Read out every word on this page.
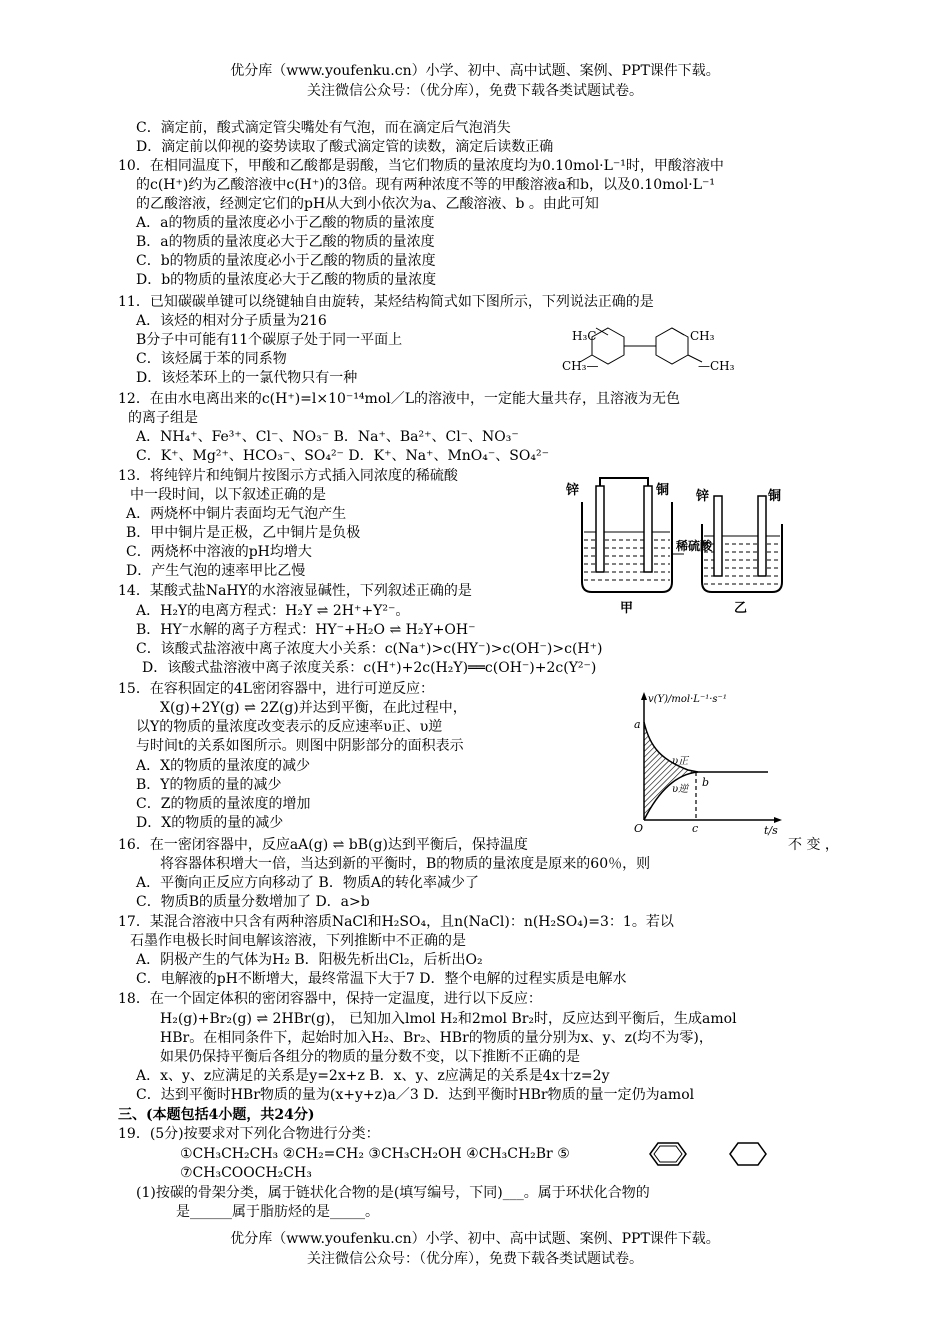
优分库（www.youfenku.cn）小学、初中、高中试题、案例、PPT课件下载。
关注微信公众号：（优分库），免费下载各类试题试卷。
C．滴定前，酸式滴定管尖嘴处有气泡，而在滴定后气泡消失
D．滴定前以仰视的姿势读取了酸式滴定管的读数，滴定后读数正确
10．在相同温度下，甲酸和乙酸都是弱酸，当它们物质的量浓度均为0.10mol·L⁻¹时，甲酸溶液中
的c(H⁺)约为乙酸溶液中c(H⁺)的3倍。现有两种浓度不等的甲酸溶液a和b，以及0.10mol·L⁻¹
的乙酸溶液，经测定它们的pH从大到小依次为a、乙酸溶液、b 。由此可知
A．a的物质的量浓度必小于乙酸的物质的量浓度
B．a的物质的量浓度必大于乙酸的物质的量浓度
C．b的物质的量浓度必小于乙酸的物质的量浓度
D．b的物质的量浓度必大于乙酸的物质的量浓度
11．已知碳碳单键可以绕键轴自由旋转，某烃结构简式如下图所示，下列说法正确的是
A．该烃的相对分子质量为216
B分子中可能有11个碳原子处于同一平面上
C．该烃属于苯的同系物
D．该烃苯环上的一氯代物只有一种
H₃C	CH₃
CH₃—	—CH₃
12．在由水电离出来的c(H⁺)=l×10⁻¹⁴mol／L的溶液中，一定能大量共存，且溶液为无色
的离子组是
A．NH₄⁺、Fe³⁺、Cl⁻、NO₃⁻ B．Na⁺、Ba²⁺、Cl⁻、NO₃⁻
C．K⁺、Mg²⁺、HCO₃⁻、SO₄²⁻ D．K⁺、Na⁺、MnO₄⁻、SO₄²⁻
13．将纯锌片和纯铜片按图示方式插入同浓度的稀硫酸
中一段时间，以下叙述正确的是
A．两烧杯中铜片表面均无气泡产生
B．甲中铜片是正极，乙中铜片是负极
C．两烧杯中溶液的pH均增大
D．产生气泡的速率甲比乙慢
锌	铜 锌	铜
稀硫酸
甲	乙
14．某酸式盐NaHY的水溶液显碱性，下列叙述正确的是
A．H₂Y的电离方程式：H₂Y ⇌ 2H⁺+Y²⁻。
B．HY⁻水解的离子方程式：HY⁻+H₂O ⇌ H₂Y+OH⁻
C．该酸式盐溶液中离子浓度大小关系：c(Na⁺)>c(HY⁻)>c(OH⁻)>c(H⁺)
D．该酸式盐溶液中离子浓度关系：c(H⁺)+2c(H₂Y)══c(OH⁻)+2c(Y²⁻)
15．在容积固定的4L密闭容器中，进行可逆反应：
X(g)+2Y(g) ⇌ 2Z(g)并达到平衡，在此过程中，
以Y的物质的量浓度改变表示的反应速率υ正、υ逆
与时间t的关系如图所示。则图中阴影部分的面积表示
A．X的物质的量浓度的减少
B．Y的物质的量的减少
C．Z的物质的量浓度的增加
D．X的物质的量的减少
v(Y)/mol·L⁻¹·s⁻¹
a
b
c
O	t/s
υ正
υ逆
16．在一密闭容器中，反应aA(g) ⇌ bB(g)达到平衡后，保持温度	不 变 ，
将容器体积增大一倍，当达到新的平衡时，B的物质的量浓度是原来的60％，则
A．平衡向正反应方向移动了 B．物质A的转化率减少了
C．物质B的质量分数增加了 D．a>b
17．某混合溶液中只含有两种溶质NaCl和H₂SO₄，且n(NaCl)：n(H₂SO₄)=3：1。若以
石墨作电极长时间电解该溶液，下列推断中不正确的是
A．阴极产生的气体为H₂ B．阳极先析出Cl₂，后析出O₂
C．电解液的pH不断增大，最终常温下大于7 D．整个电解的过程实质是电解水
18．在一个固定体积的密闭容器中，保持一定温度，进行以下反应：
H₂(g)+Br₂(g) ⇌ 2HBr(g)， 已知加入lmol H₂和2mol Br₂时，反应达到平衡后，生成amol
HBr。在相同条件下，起始时加入H₂、Br₂、HBr的物质的量分别为x、y、z(均不为零)，
如果仍保持平衡后各组分的物质的量分数不变，以下推断不正确的是
A．x、y、z应满足的关系是y=2x+z B．x、y、z应满足的关系是4x十z=2y
C．达到平衡时HBr物质的量为(x+y+z)a／3 D．达到平衡时HBr物质的量一定仍为amol
三、(本题包括4小题，共24分)
19．(5分)按要求对下列化合物进行分类：
①CH₃CH₂CH₃ ②CH₂=CH₂ ③CH₃CH₂OH ④CH₃CH₂Br ⑤
⑦CH₃COOCH₂CH₃
(1)按碳的骨架分类，属于链状化合物的是(填写编号，下同)___。属于环状化合物的
是______属于脂肪烃的是_____。
优分库（www.youfenku.cn）小学、初中、高中试题、案例、PPT课件下载。
关注微信公众号：（优分库），免费下载各类试题试卷。
